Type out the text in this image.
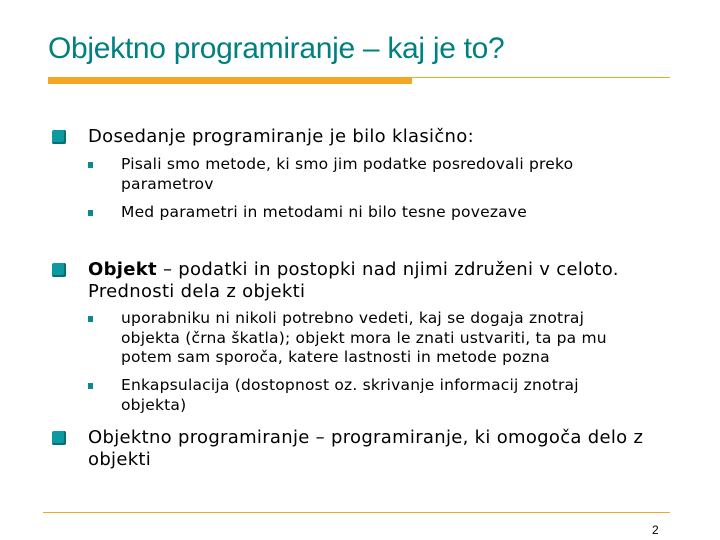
Objektno programiranje – kaj je to?
Dosedanje programiranje je bilo klasično:
Pisali smo metode, ki smo jim podatke posredovali preko
parametrov
Med parametri in metodami ni bilo tesne povezave
Objekt – podatki in postopki nad njimi združeni v celoto.
Prednosti dela z objekti
uporabniku ni nikoli potrebno vedeti, kaj se dogaja znotraj
objekta (črna škatla); objekt mora le znati ustvariti, ta pa mu
potem sam sporoča, katere lastnosti in metode pozna
Enkapsulacija (dostopnost oz. skrivanje informacij znotraj
objekta)
Objektno programiranje – programiranje, ki omogoča delo z
objekti
2
